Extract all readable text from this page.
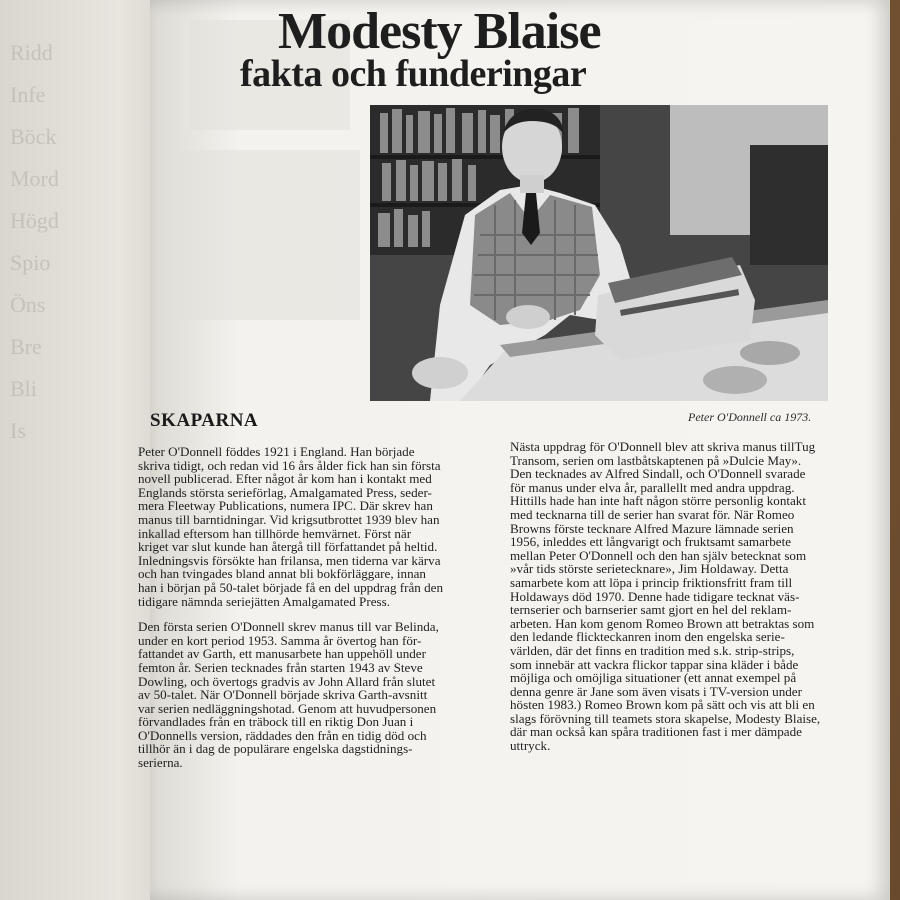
Ridd
Infe
Böck
Mord
Högd
Spio
Öns
Bre
Bli
Is
Modesty Blaise
fakta och funderingar
Peter O'Donnell ca 1973.
SKAPARNA

Peter O'Donnell föddes 1921 i England. Han började
skriva tidigt, och redan vid 16 års ålder fick han sin första
novell publicerad. Efter något år kom han i kontakt med
Englands största serieförlag, Amalgamated Press, seder-
mera Fleetway Publications, numera IPC. Där skrev han
manus till barntidningar. Vid krigsutbrottet 1939 blev han
inkallad eftersom han tillhörde hemvärnet. Först när
kriget var slut kunde han återgå till författandet på heltid.
Inledningsvis försökte han frilansa, men tiderna var kärva
och han tvingades bland annat bli bokförläggare, innan
han i början på 50-talet började få en del uppdrag från den
tidigare nämnda seriejätten Amalgamated Press.

Den första serien O'Donnell skrev manus till var Belinda,
under en kort period 1953. Samma år övertog han för-
fattandet av Garth, ett manusarbete han uppehöll under
femton år. Serien tecknades från starten 1943 av Steve
Dowling, och övertogs gradvis av John Allard från slutet
av 50-talet. När O'Donnell började skriva Garth-avsnitt
var serien nedläggningshotad. Genom att huvudpersonen
förvandlades från en träbock till en riktig Don Juan i
O'Donnells version, räddades den från en tidig död och
tillhör än i dag de populärare engelska dagstidnings-
serierna.

Nästa uppdrag för O'Donnell blev att skriva manus tillTug
Transom, serien om lastbåtskaptenen på »Dulcie May».
Den tecknades av Alfred Sindall, och O'Donnell svarade
för manus under elva år, parallellt med andra uppdrag.
Hittills hade han inte haft någon större personlig kontakt
med tecknarna till de serier han svarat för. När Romeo
Browns förste tecknare Alfred Mazure lämnade serien
1956, inleddes ett långvarigt och fruktsamt samarbete
mellan Peter O'Donnell och den han själv betecknat som
»vår tids störste serietecknare», Jim Holdaway. Detta
samarbete kom att löpa i princip friktionsfritt fram till
Holdaways död 1970. Denne hade tidigare tecknat väs-
ternserier och barnserier samt gjort en hel del reklam-
arbeten. Han kom genom Romeo Brown att betraktas som
den ledande flickteckanren inom den engelska serie-
världen, där det finns en tradition med s.k. strip-strips,
som innebär att vackra flickor tappar sina kläder i både
möjliga och omöjliga situationer (ett annat exempel på
denna genre är Jane som även visats i TV-version under
hösten 1983.) Romeo Brown kom på sätt och vis att bli en
slags förövning till teamets stora skapelse, Modesty Blaise,
där man också kan spåra traditionen fast i mer dämpade
uttryck.
